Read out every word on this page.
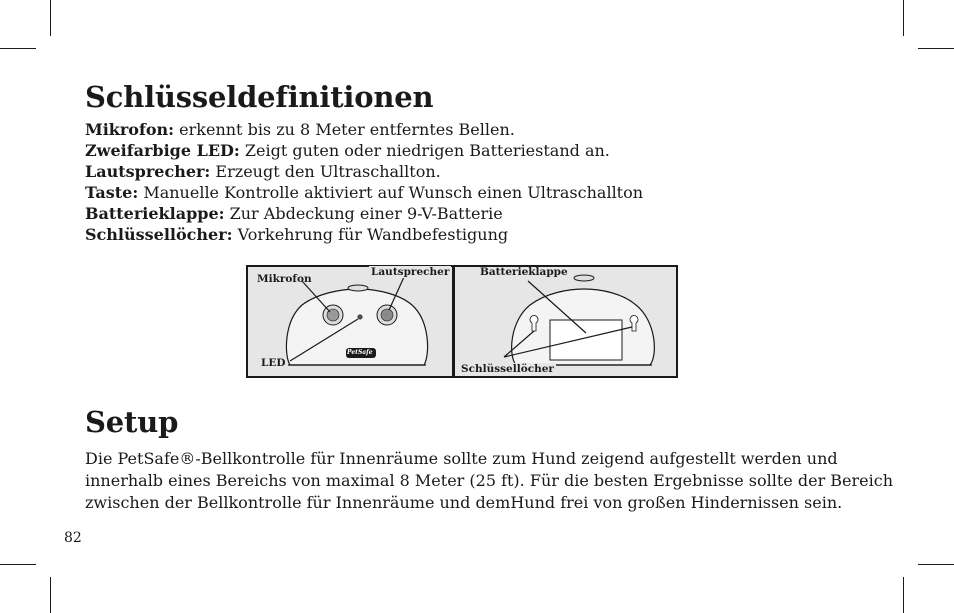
Schlüsseldefinitionen
Mikrofon: erkennt bis zu 8 Meter entferntes Bellen.
Zweifarbige LED: Zeigt guten oder niedrigen Batteriestand an.
Lautsprecher: Erzeugt den Ultraschallton.
Taste: Manuelle Kontrolle aktiviert auf Wunsch einen Ultraschallton
Batterieklappe: Zur Abdeckung einer 9-V-Batterie
Schlüssellöcher: Vorkehrung für Wandbefestigung
Mikrofon
Lautsprecher
LED
PetSafe
Batterieklappe
Schlüssellöcher
Setup
Die PetSafe®-Bellkontrolle für Innenräume sollte zum Hund zeigend aufgestellt werden und
innerhalb eines Bereichs von maximal 8 Meter (25 ft). Für die besten Ergebnisse sollte der Bereich
zwischen der Bellkontrolle für Innenräume und demHund frei von großen Hindernissen sein.
82
